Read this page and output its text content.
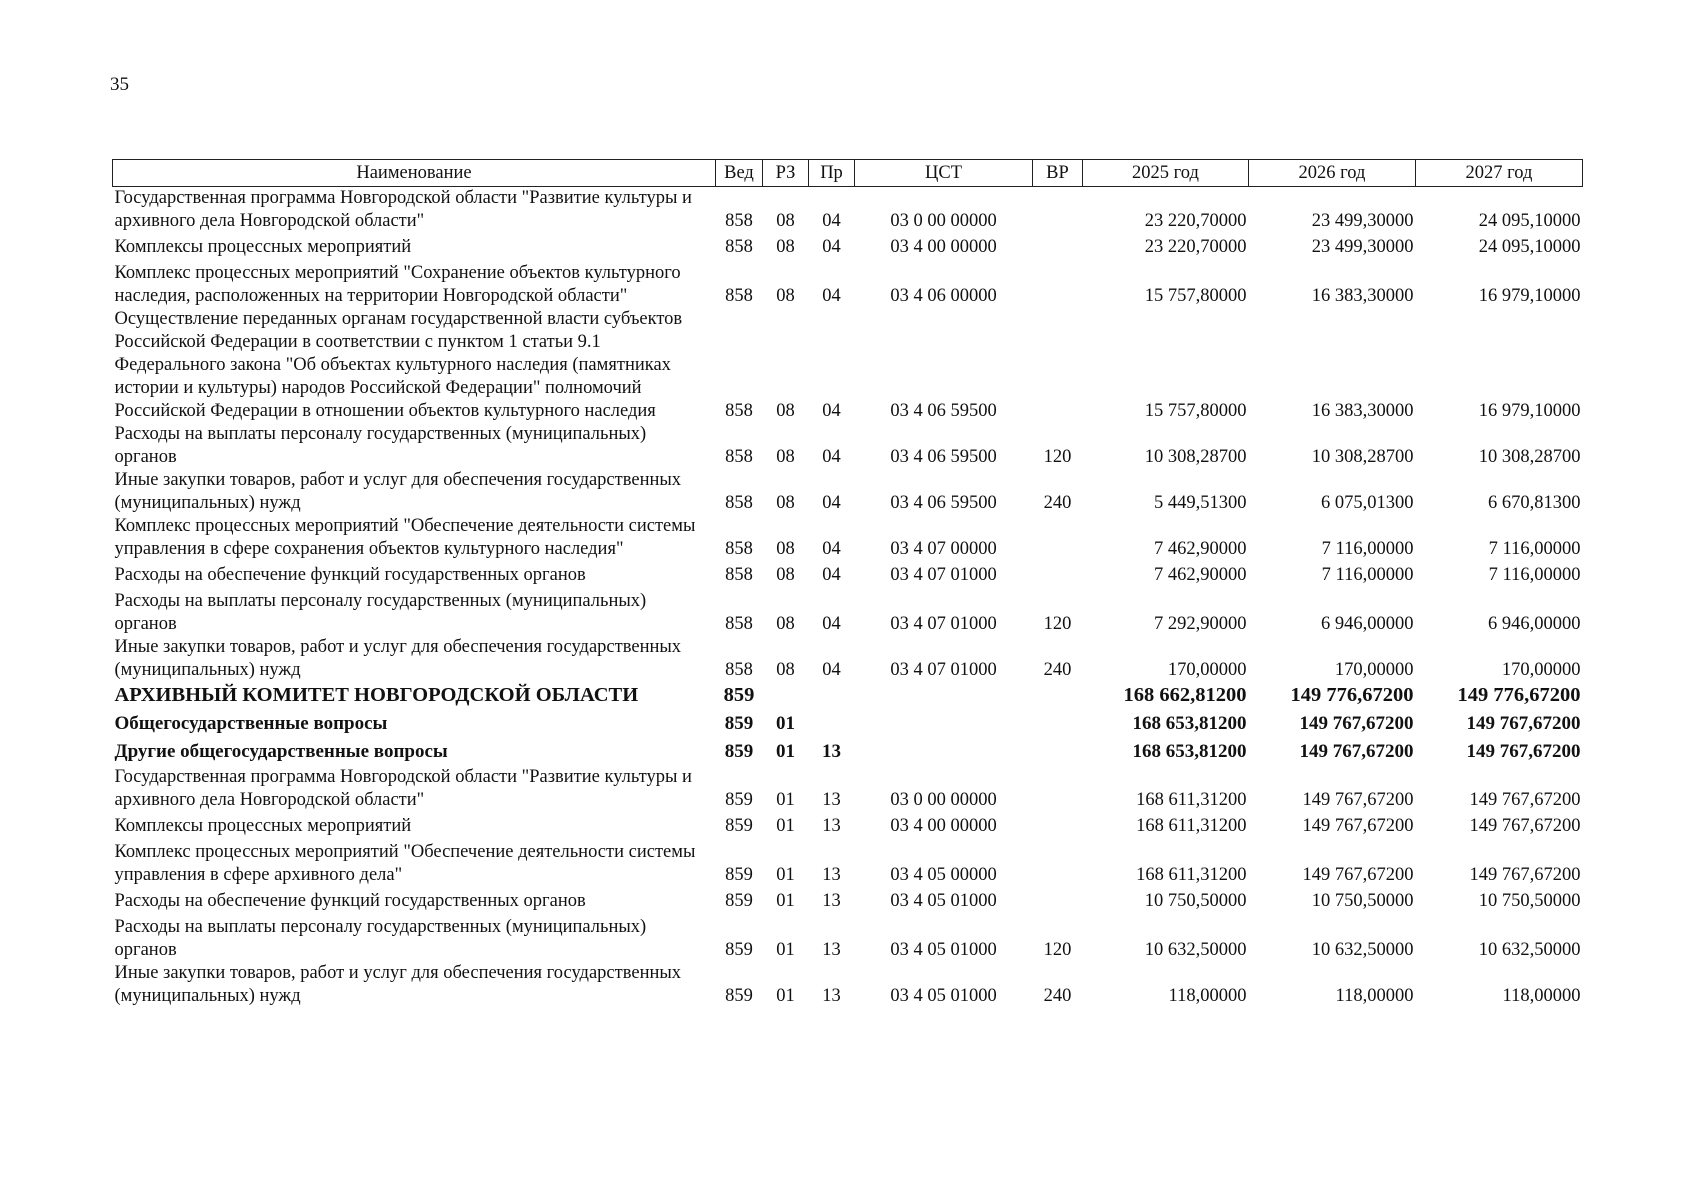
35
Наименование	Вед	РЗ	Пр	ЦСТ	ВР	2025 год	2026 год	2027 год
Государственная программа Новгородской области "Развитие культуры и архивного дела Новгородской области"	858	08	04	03 0 00 00000		23 220,70000	23 499,30000	24 095,10000
Комплексы процессных мероприятий	858	08	04	03 4 00 00000		23 220,70000	23 499,30000	24 095,10000
Комплекс процессных мероприятий "Сохранение объектов культурного наследия, расположенных на территории Новгородской области"	858	08	04	03 4 06 00000		15 757,80000	16 383,30000	16 979,10000
Осуществление переданных органам государственной власти субъектов Российской Федерации в соответствии с пунктом 1 статьи 9.1 Федерального закона "Об объектах культурного наследия (памятниках истории и культуры) народов Российской Федерации" полномочий Российской Федерации в отношении объектов культурного наследия	858	08	04	03 4 06 59500		15 757,80000	16 383,30000	16 979,10000
Расходы на выплаты персоналу государственных (муниципальных) органов	858	08	04	03 4 06 59500	120	10 308,28700	10 308,28700	10 308,28700
Иные закупки товаров, работ и услуг для обеспечения государственных (муниципальных) нужд	858	08	04	03 4 06 59500	240	5 449,51300	6 075,01300	6 670,81300
Комплекс процессных мероприятий "Обеспечение деятельности системы управления в сфере сохранения объектов культурного наследия"	858	08	04	03 4 07 00000		7 462,90000	7 116,00000	7 116,00000
Расходы на обеспечение функций государственных органов	858	08	04	03 4 07 01000		7 462,90000	7 116,00000	7 116,00000
Расходы на выплаты персоналу государственных (муниципальных) органов	858	08	04	03 4 07 01000	120	7 292,90000	6 946,00000	6 946,00000
Иные закупки товаров, работ и услуг для обеспечения государственных (муниципальных) нужд	858	08	04	03 4 07 01000	240	170,00000	170,00000	170,00000
АРХИВНЫЙ КОМИТЕТ НОВГОРОДСКОЙ ОБЛАСТИ	859					168 662,81200	149 776,67200	149 776,67200
Общегосударственные вопросы	859	01				168 653,81200	149 767,67200	149 767,67200
Другие общегосударственные вопросы	859	01	13			168 653,81200	149 767,67200	149 767,67200
Государственная программа Новгородской области "Развитие культуры и архивного дела Новгородской области"	859	01	13	03 0 00 00000		168 611,31200	149 767,67200	149 767,67200
Комплексы процессных мероприятий	859	01	13	03 4 00 00000		168 611,31200	149 767,67200	149 767,67200
Комплекс процессных мероприятий "Обеспечение деятельности системы управления в сфере архивного дела"	859	01	13	03 4 05 00000		168 611,31200	149 767,67200	149 767,67200
Расходы на обеспечение функций государственных органов	859	01	13	03 4 05 01000		10 750,50000	10 750,50000	10 750,50000
Расходы на выплаты персоналу государственных (муниципальных) органов	859	01	13	03 4 05 01000	120	10 632,50000	10 632,50000	10 632,50000
Иные закупки товаров, работ и услуг для обеспечения государственных (муниципальных) нужд	859	01	13	03 4 05 01000	240	118,00000	118,00000	118,00000
